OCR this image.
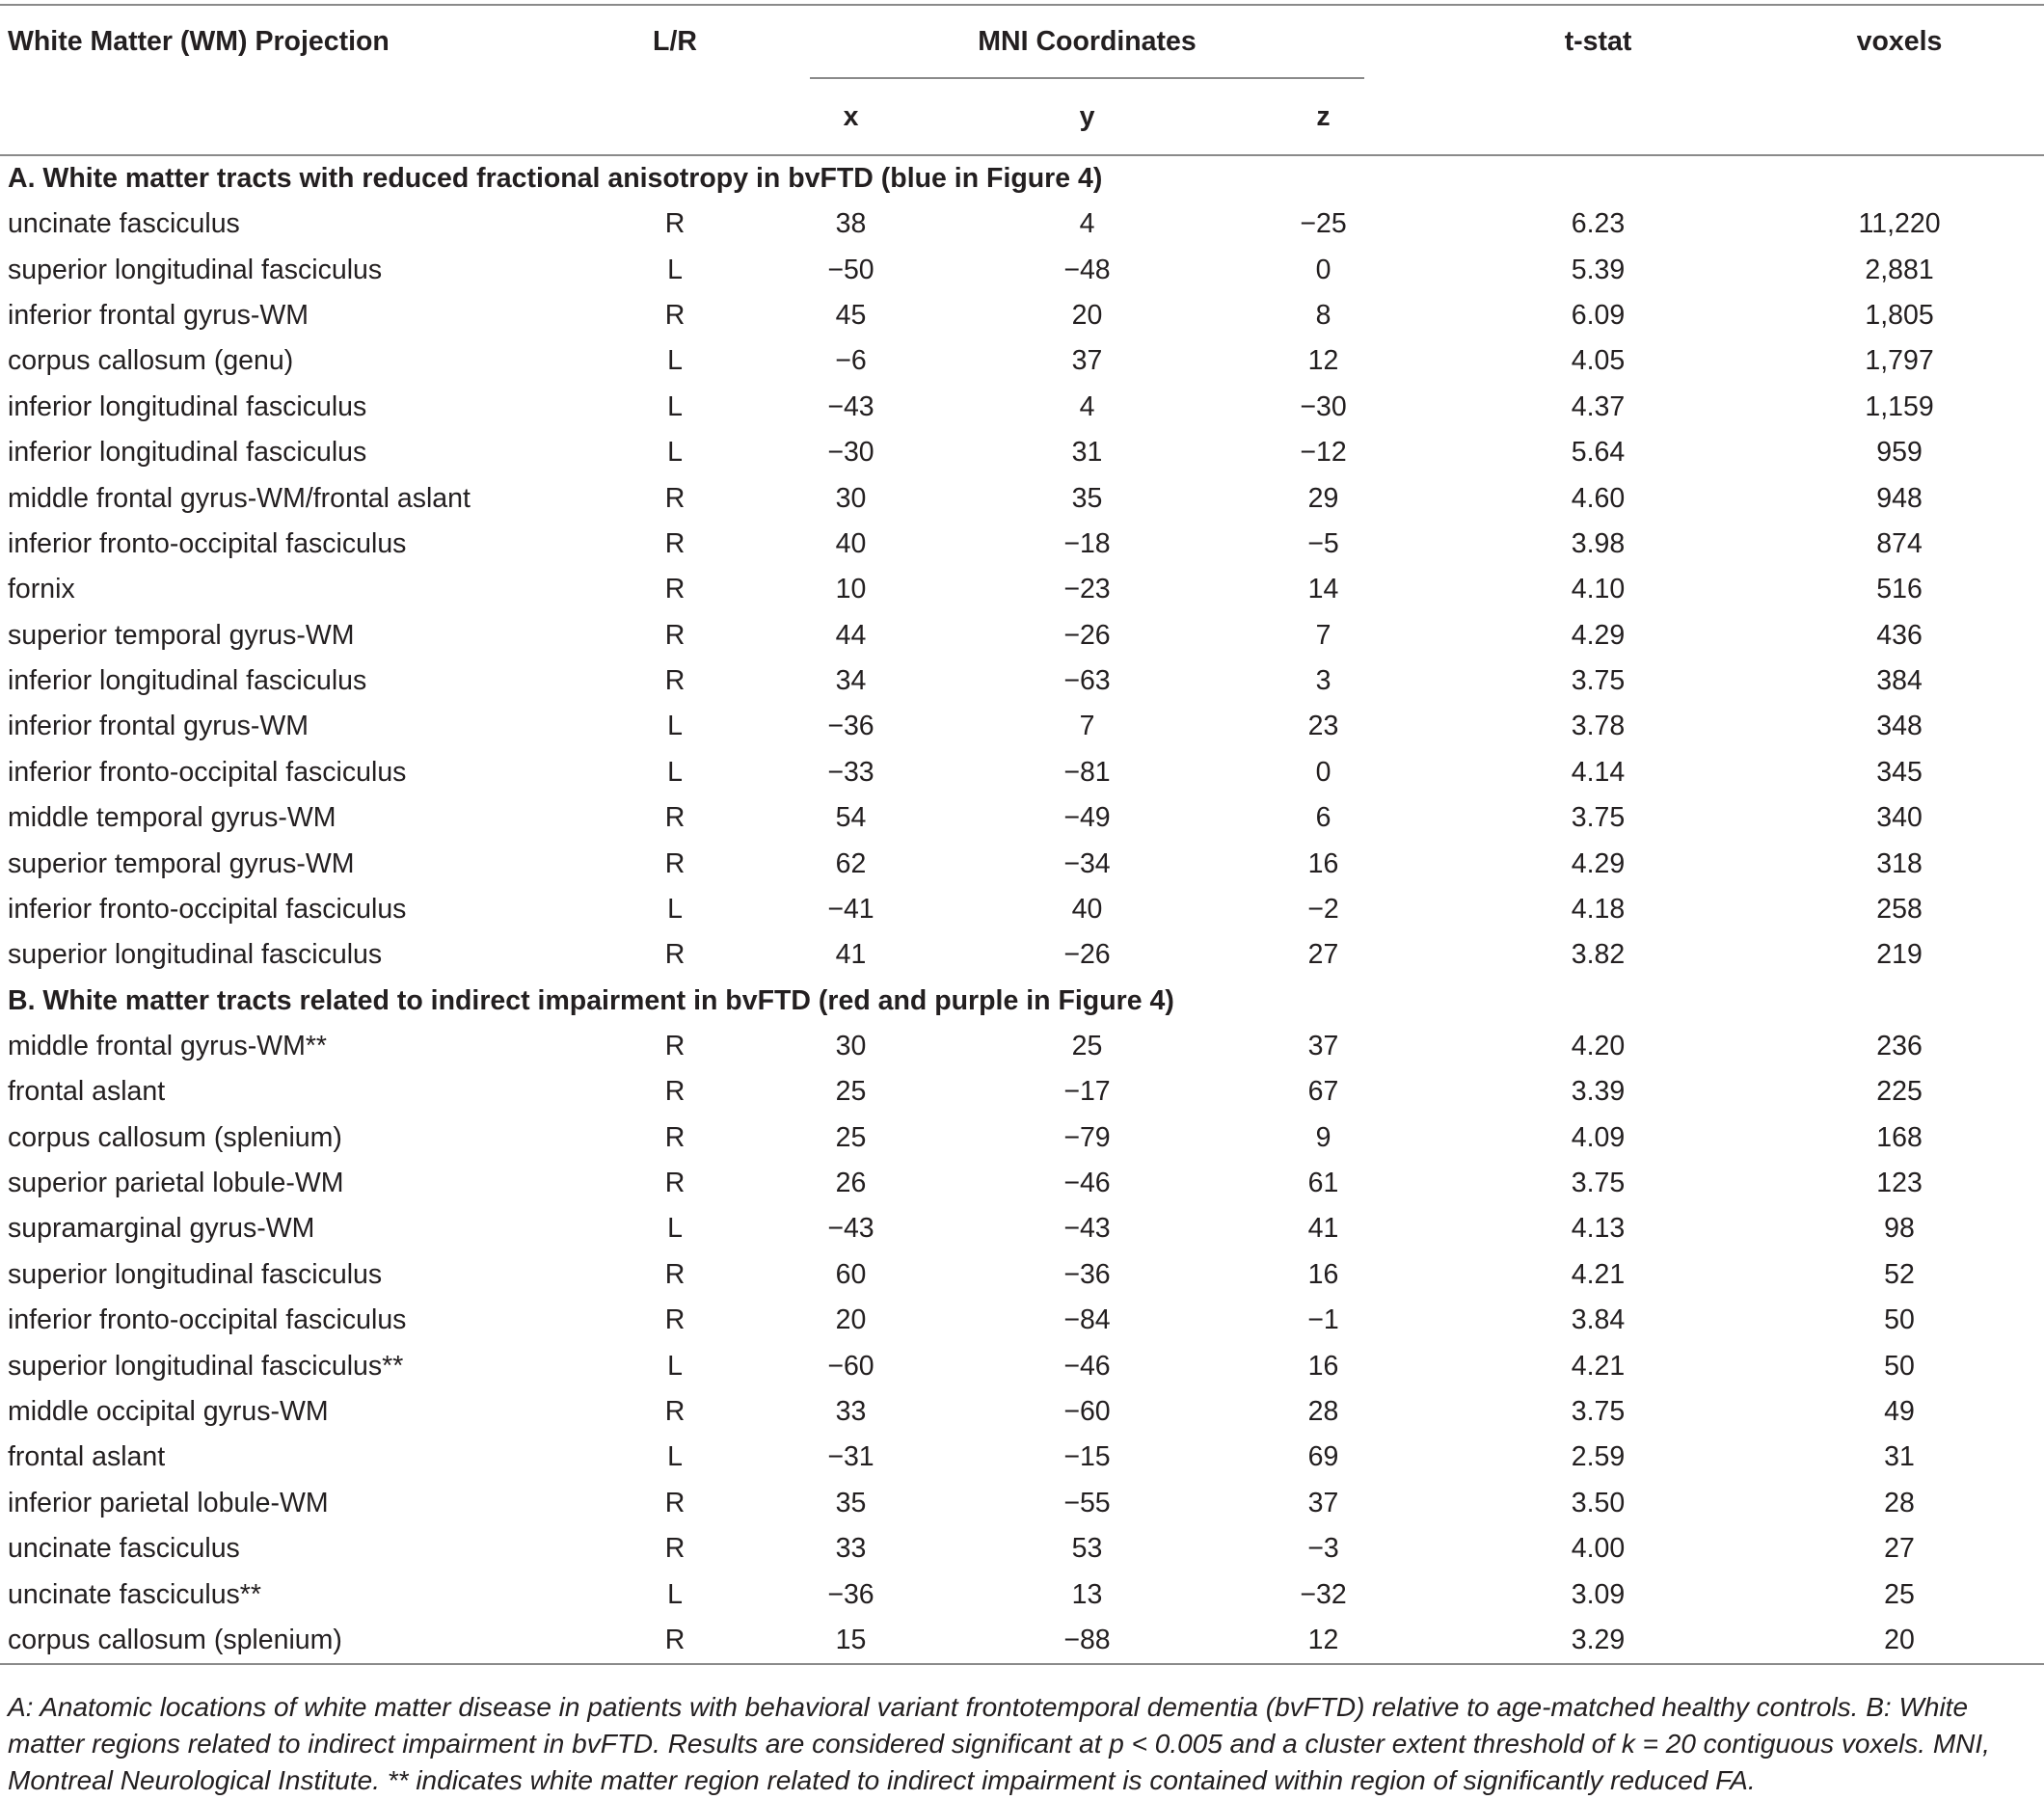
White Matter (WM) Projection	L/R	MNI Coordinates			t-stat	voxels
		x	y	z		
A. White matter tracts with reduced fractional anisotropy in bvFTD (blue in Figure 4)						
uncinate fasciculus	R	38	4	−25	6.23	11,220
superior longitudinal fasciculus	L	−50	−48	0	5.39	2,881
inferior frontal gyrus-WM	R	45	20	8	6.09	1,805
corpus callosum (genu)	L	−6	37	12	4.05	1,797
inferior longitudinal fasciculus	L	−43	4	−30	4.37	1,159
inferior longitudinal fasciculus	L	−30	31	−12	5.64	959
middle frontal gyrus-WM/frontal aslant	R	30	35	29	4.60	948
inferior fronto-occipital fasciculus	R	40	−18	−5	3.98	874
fornix	R	10	−23	14	4.10	516
superior temporal gyrus-WM	R	44	−26	7	4.29	436
inferior longitudinal fasciculus	R	34	−63	3	3.75	384
inferior frontal gyrus-WM	L	−36	7	23	3.78	348
inferior fronto-occipital fasciculus	L	−33	−81	0	4.14	345
middle temporal gyrus-WM	R	54	−49	6	3.75	340
superior temporal gyrus-WM	R	62	−34	16	4.29	318
inferior fronto-occipital fasciculus	L	−41	40	−2	4.18	258
superior longitudinal fasciculus	R	41	−26	27	3.82	219
B. White matter tracts related to indirect impairment in bvFTD (red and purple in Figure 4)						
middle frontal gyrus-WM**	R	30	25	37	4.20	236
frontal aslant	R	25	−17	67	3.39	225
corpus callosum (splenium)	R	25	−79	9	4.09	168
superior parietal lobule-WM	R	26	−46	61	3.75	123
supramarginal gyrus-WM	L	−43	−43	41	4.13	98
superior longitudinal fasciculus	R	60	−36	16	4.21	52
inferior fronto-occipital fasciculus	R	20	−84	−1	3.84	50
superior longitudinal fasciculus**	L	−60	−46	16	4.21	50
middle occipital gyrus-WM	R	33	−60	28	3.75	49
frontal aslant	L	−31	−15	69	2.59	31
inferior parietal lobule-WM	R	35	−55	37	3.50	28
uncinate fasciculus	R	33	53	−3	4.00	27
uncinate fasciculus**	L	−36	13	−32	3.09	25
corpus callosum (splenium)	R	15	−88	12	3.29	20
A: Anatomic locations of white matter disease in patients with behavioral variant frontotemporal dementia (bvFTD) relative to age-matched healthy controls. B: White matter regions related to indirect impairment in bvFTD. Results are considered significant at p < 0.005 and a cluster extent threshold of k = 20 contiguous voxels. MNI, Montreal Neurological Institute. ** indicates white matter region related to indirect impairment is contained within region of significantly reduced FA.
